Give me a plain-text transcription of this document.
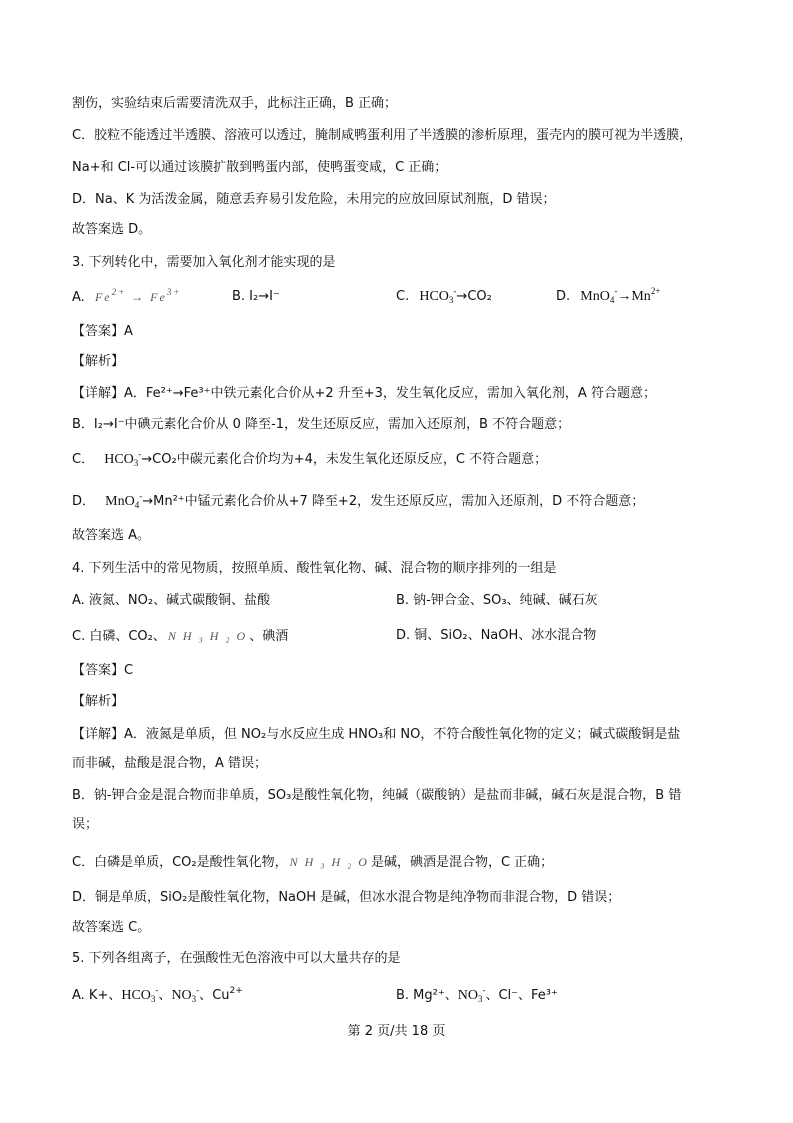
割伤，实验结束后需要清洗双手，此标注正确，B 正确；
C．胶粒不能透过半透膜、溶液可以透过，腌制咸鸭蛋利用了半透膜的渗析原理，蛋壳内的膜可视为半透膜，
Na+和 Cl-可以通过该膜扩散到鸭蛋内部，使鸭蛋变咸，C 正确；
D．Na、K 为活泼金属，随意丢弃易引发危险，未用完的应放回原试剂瓶，D 错误；
故答案选 D。
3. 下列转化中，需要加入氧化剂才能实现的是
A. $Fe^{2+} \to Fe^{3+}$	B. I₂→I⁻	C. $HCO_3^-\to CO_2$	D. $MnO_4^-\to Mn^{2+}$
【答案】A
【解析】
【详解】A．Fe²⁺→Fe³⁺中铁元素化合价从+2 升至+3，发生氧化反应，需加入氧化剂，A 符合题意；
B．I₂→I⁻中碘元素化合价从 0 降至-1，发生还原反应，需加入还原剂，B 不符合题意；
C． $HCO_3^-\to CO_2$中碳元素化合价均为+4，未发生氧化还原反应，C 不符合题意；
D． MnO$_4$-→Mn²⁺中锰元素化合价从+7 降至+2，发生还原反应，需加入还原剂，D 不符合题意；
故答案选 A。
4. 下列生活中的常见物质，按照单质、酸性氧化物、碱、混合物的顺序排列的一组是
A. 液氮、NO₂、碱式碳酸铜、盐酸	B. 钠-钾合金、SO₃、纯碱、碱石灰
C. 白磷、CO₂、 N H ₃ H ₂ O 、碘酒	D. 铜、SiO₂、NaOH、冰水混合物
【答案】C
【解析】
【详解】A．液氮是单质，但 NO₂与水反应生成 HNO₃和 NO，不符合酸性氧化物的定义；碱式碳酸铜是盐
而非碱，盐酸是混合物，A 错误；
B．钠-钾合金是混合物而非单质，SO₃是酸性氧化物，纯碱（碳酸钠）是盐而非碱，碱石灰是混合物，B 错
误；
C．白磷是单质，CO₂是酸性氧化物， N H ₃ H ₂ O 是碱，碘酒是混合物，C 正确；
D．铜是单质，SiO₂是酸性氧化物，NaOH 是碱，但冰水混合物是纯净物而非混合物，D 错误；
故答案选 C。
5. 下列各组离子，在强酸性无色溶液中可以大量共存的是
A. K+、$HCO_3^-$、$NO_3^-$、$Cu^{2+}$	B. Mg²⁺、$NO_3^-$、Cl⁻、Fe³⁺
第 2 页/共 18 页
